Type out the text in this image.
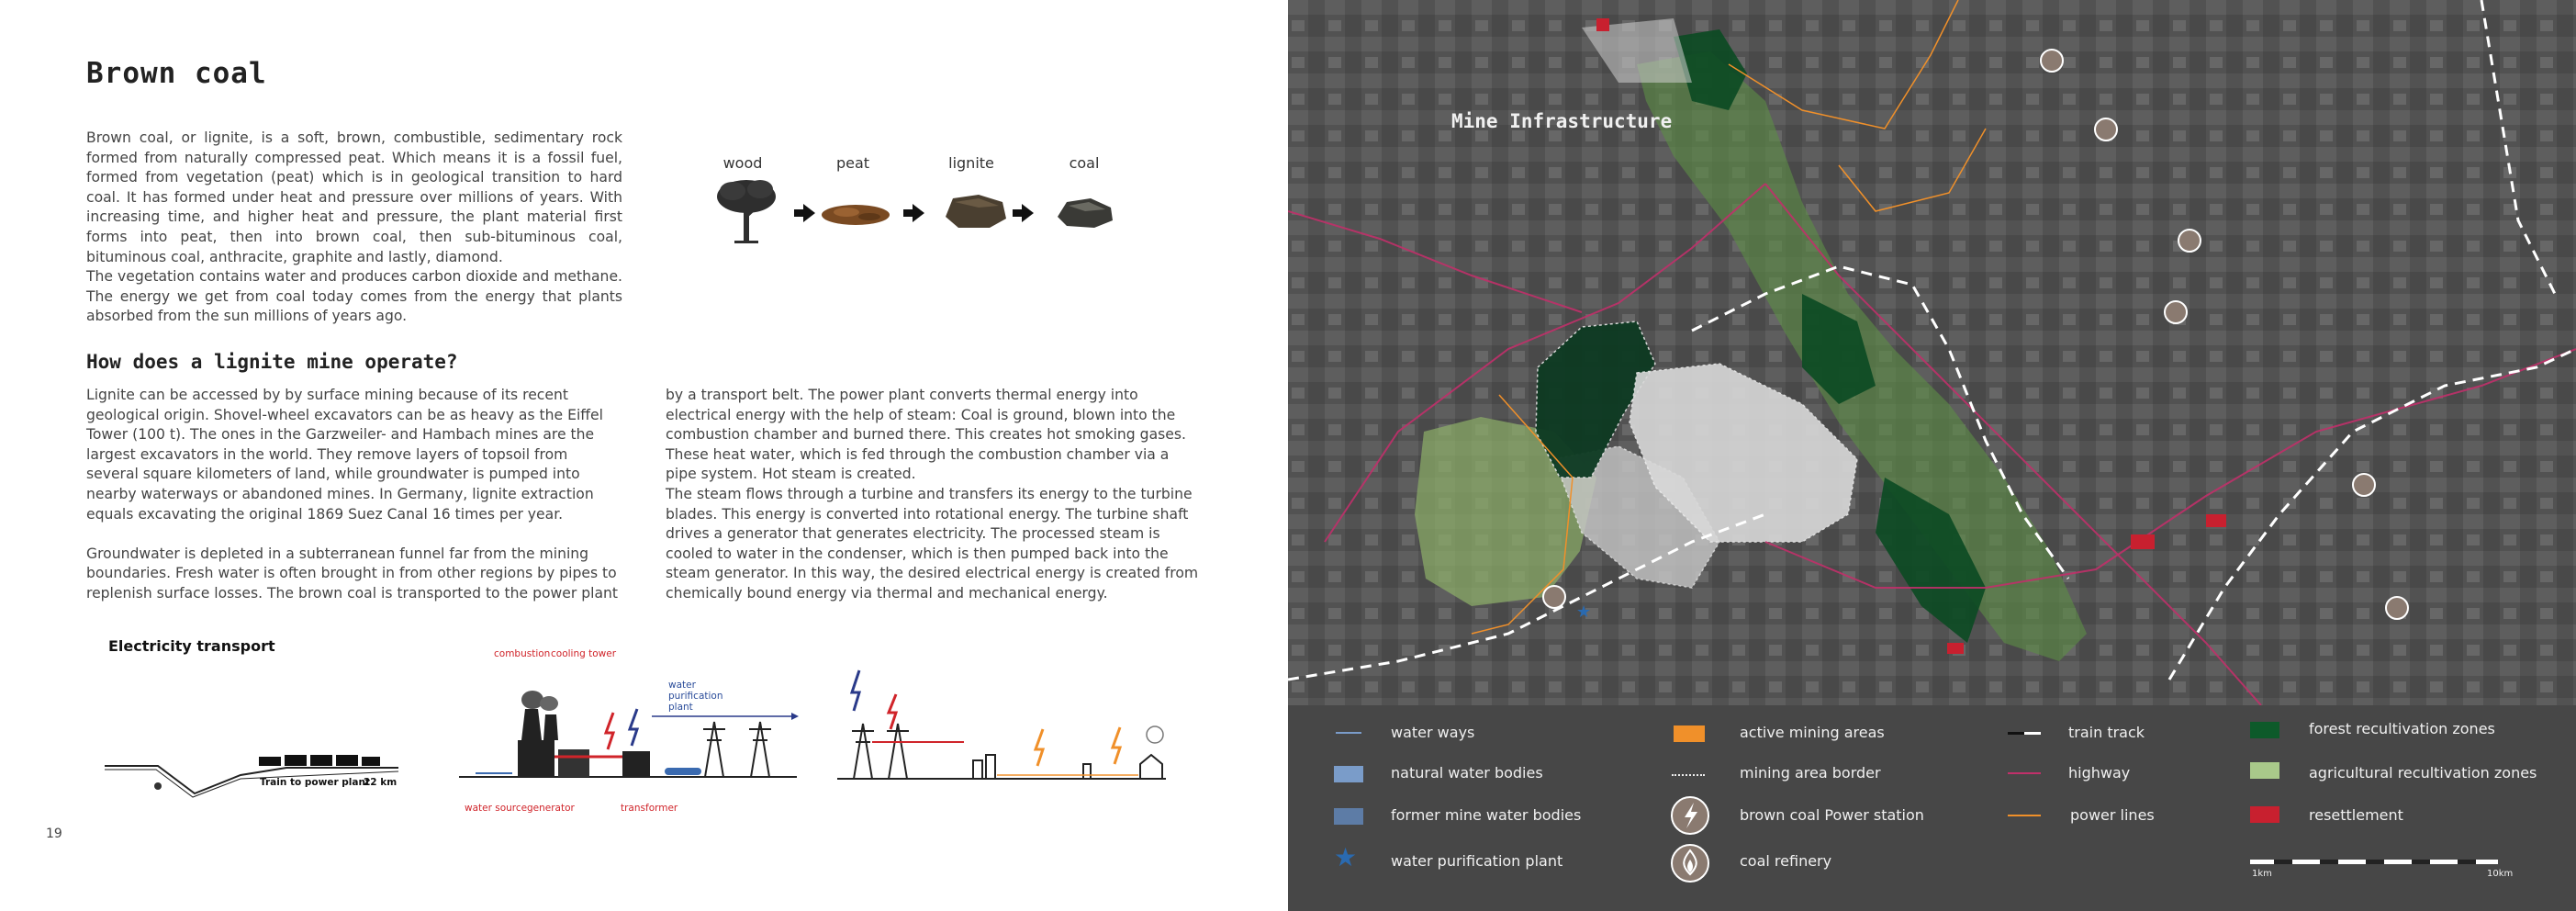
Brown coal

Brown coal, or lignite, is a soft, brown, combustible, sedimentary rock formed from naturally compressed peat. Which means it is a fossil fuel, formed from vegetation (peat) which is in geological transition to hard coal. It has formed under heat and pressure over millions of years. With increasing time, and higher heat and pressure, the plant material first forms into peat, then into brown coal, then sub-bituminous coal, bituminous coal, anthracite, graphite and lastly, diamond.

The vegetation contains water and produces carbon dioxide and methane. The energy we get from coal today comes from the energy that plants absorbed from the sun millions of years ago.

wood	peat	lignite	coal
How does a lignite mine operate?

Lignite can be accessed by by surface mining because of its recent geological origin. Shovel-wheel excavators can be as heavy as the Eiffel Tower (100 t). The ones in the Garzweiler- and Hambach mines are the largest excavators in the world. They remove layers of topsoil from several square kilometers of land, while groundwater is pumped into nearby waterways or abandoned mines. In Germany, lignite extraction equals excavating the original 1869 Suez Canal 16 times per year.

Groundwater is depleted in a subterranean funnel far from the mining boundaries. Fresh water is often brought in from other regions by pipes to replenish surface losses. The brown coal is transported to the power plant

by a transport belt. The power plant converts thermal energy into electrical energy with the help of steam: Coal is ground, blown into the combustion chamber and burned there. This creates hot smoking gases. These heat water, which is fed through the combustion chamber via a pipe system. Hot steam is created.

The steam flows through a turbine and transfers its energy to the turbine blades. This energy is converted into rotational energy. The turbine shaft drives a generator that generates electricity. The processed steam is cooled to water in the condenser, which is then pumped back into the steam generator. In this way, the desired electrical energy is created from chemically bound energy via thermal and mechanical energy.

Electricity transport
Train to power plant
22 km
combustion cooling tower
water purification plant
water source generator	transformer
19
★
Mine Infrastructure
water ways
natural water bodies
former mine water bodies
★ water purification plant
active mining areas
mining area border
brown coal Power station
coal refinery
train track
highway
power lines
forest recultivation zones
agricultural recultivation zones
resettlement
1km	10km
